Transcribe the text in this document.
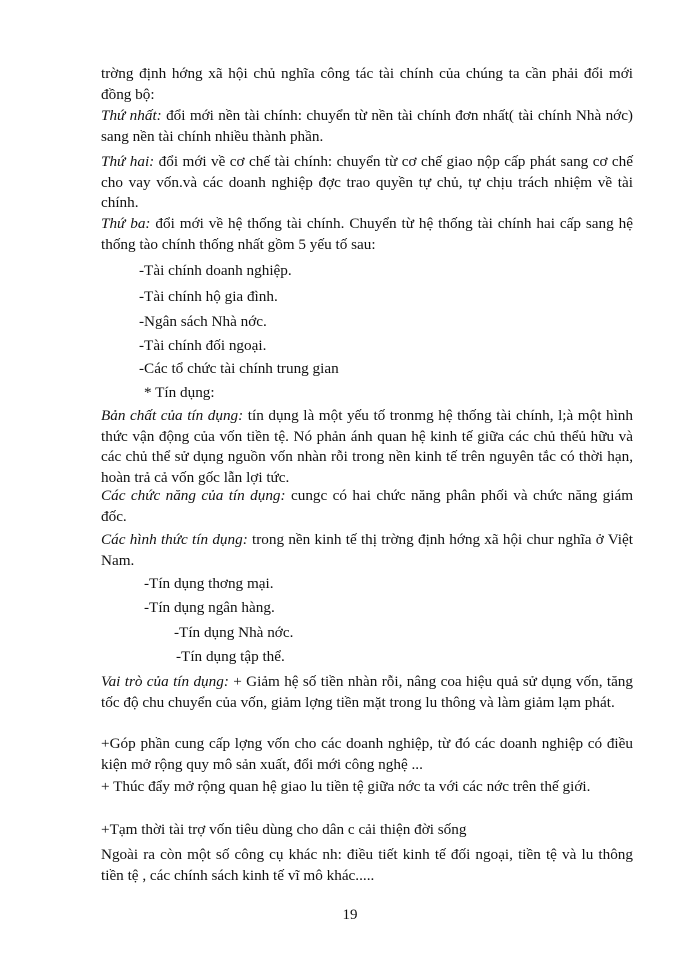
trờng định hớng xã hội chủ nghĩa công tác tài chính của chúng ta cần phải đổi mới đồng bộ:

Thứ nhất: đổi mới nền tài chính: chuyển từ nền tài chính đơn nhất( tài chính Nhà nớc) sang nền tài chính nhiều thành phần.

Thứ hai: đổi mới về cơ chế tài chính: chuyển từ cơ chế giao nộp cấp phát sang cơ chế cho vay vốn.và các doanh nghiệp đợc trao quyền tự chủ, tự chịu trách nhiệm về tài chính.

Thứ ba: đổi mới về hệ thống tài chính. Chuyển từ hệ thống tài chính hai cấp sang hệ thống tào chính thống nhất gồm 5 yếu tố sau:

-Tài chính doanh nghiệp.

-Tài chính hộ gia đình.

-Ngân sách Nhà nớc.

-Tài chính đối ngoại.

-Các tổ chức tài chính trung gian

* Tín dụng:

Bản chất của tín dụng: tín dụng là một yếu tố tronmg hệ thống tài chính, l;à một hình thức vận động của vốn tiền tệ. Nó phản ánh quan hệ kinh tế giữa các chủ thểủ hữu và các chủ thể sử dụng nguồn vốn nhàn rỗi trong nền kinh tế trên nguyên tắc có thời hạn, hoàn trả cả vốn gốc lẫn lợi tức.

Các chức năng của tín dụng: cungc có hai chức năng phân phối và chức năng giám đốc.

Các hình thức tín dụng: trong nền kinh tế thị trờng định hớng xã hội chur nghĩa ở Việt Nam.

-Tín dụng thơng mại.

-Tín dụng ngân hàng.

-Tín dụng Nhà nớc.

-Tín dụng tập thể.

Vai trò của tín dụng: + Giảm hệ số tiền nhàn rỗi, nâng coa hiệu quả sử dụng vốn, tăng tốc độ chu chuyển của vốn, giảm lợng tiền mặt trong lu thông và làm giảm lạm phát.

+Góp phần cung cấp lợng vốn cho các doanh nghiệp, từ đó các doanh nghiệp có điều kiện mở rộng quy mô sản xuất, đổi mới công nghệ ...

+ Thúc đẩy mở rộng quan hệ giao lu tiền tệ giữa nớc ta với các nớc trên thế giới.

+Tạm thời tài trợ vốn tiêu dùng cho dân c cải thiện đời sống

Ngoài ra còn một số công cụ khác nh: điều tiết kinh tế đối ngoại, tiền tệ và lu thông tiền tệ , các chính sách kinh tế vĩ mô khác.....

19
